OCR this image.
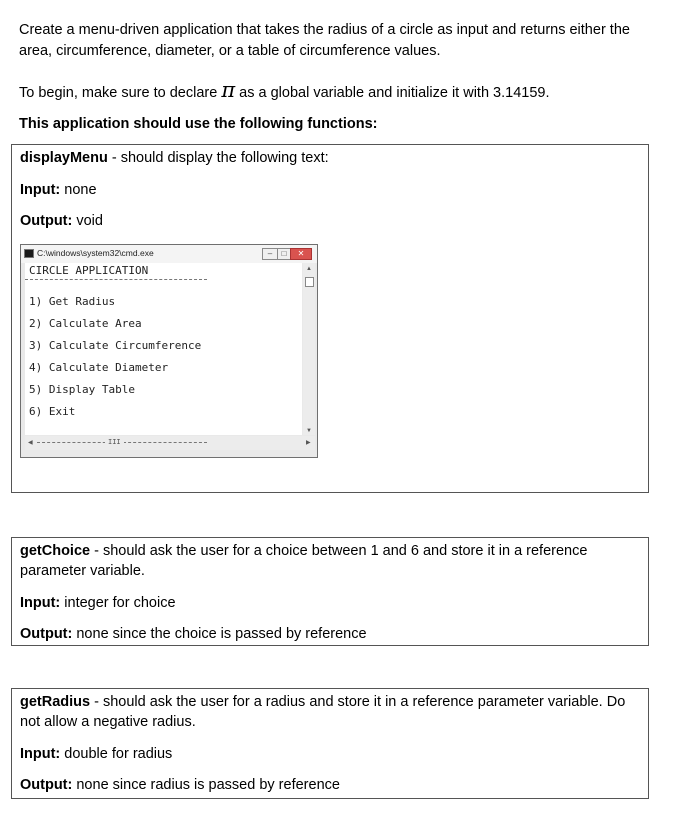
Create a menu-driven application that takes the radius of a circle as input and returns either the area, circumference, diameter, or a table of circumference values.

To begin, make sure to declare π as a global variable and initialize it with 3.14159.

This application should use the following functions:

displayMenu - should display the following text:
Input: none
Output: void
C:\windows\system32\cmd.exe	–	□	✕
CIRCLE APPLICATION
1) Get Radius
2) Calculate Area
3) Calculate Circumference
4) Calculate Diameter
5) Display Table
6) Exit
▲
▼
◀	III	▶
getChoice - should ask the user for a choice between 1 and 6 and store it in a reference parameter variable.
Input: integer for choice
Output: none since the choice is passed by reference
getRadius - should ask the user for a radius and store it in a reference parameter variable. Do not allow a negative radius.
Input: double for radius
Output: none since radius is passed by reference
